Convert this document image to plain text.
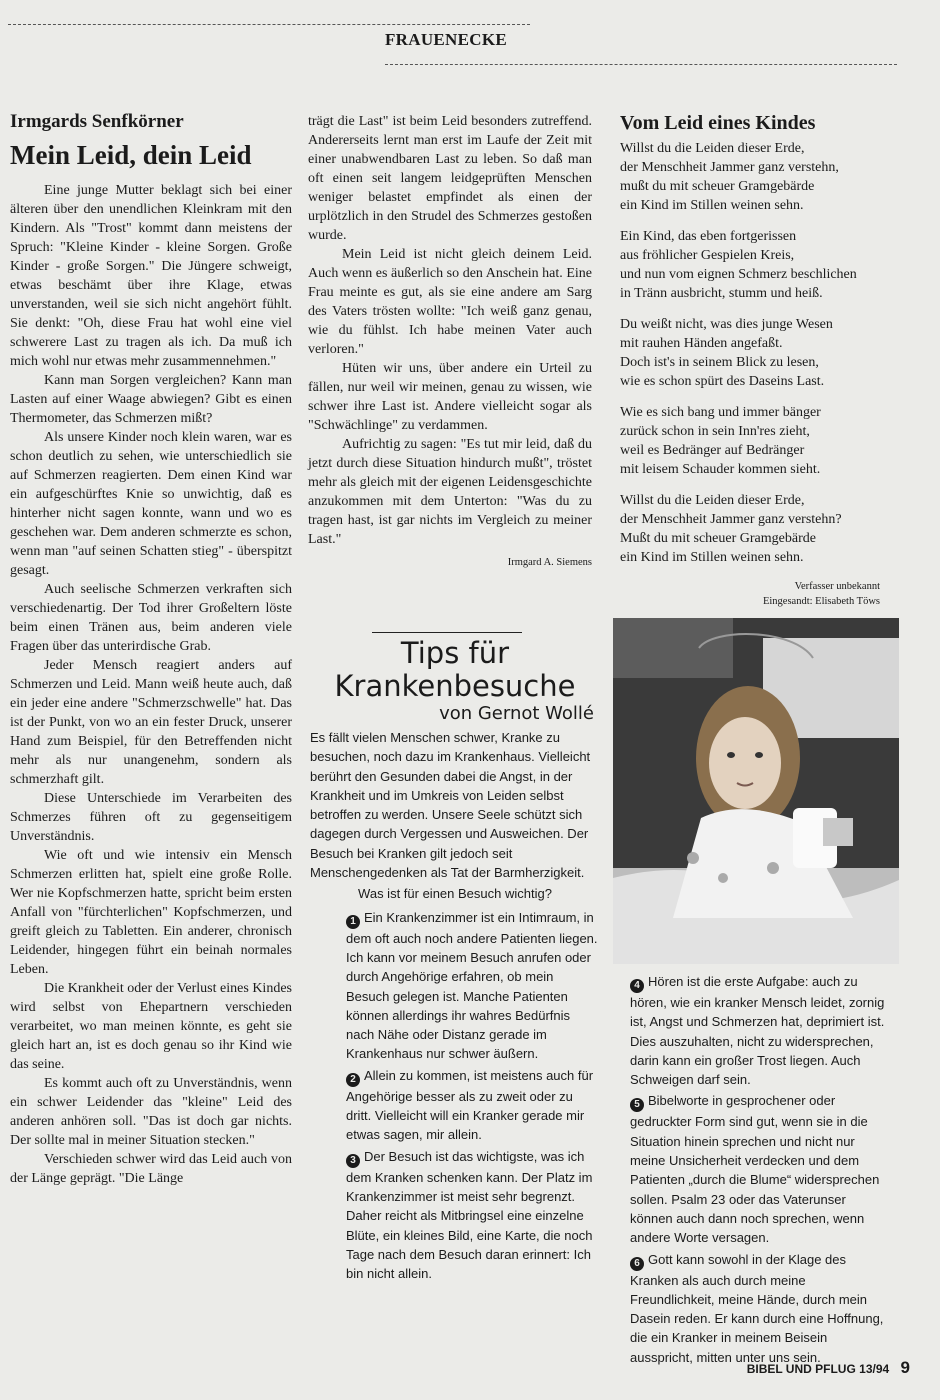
FRAUENECKE
Irmgards Senfkörner
Mein Leid, dein Leid

Eine junge Mutter beklagt sich bei einer älteren über den unendlichen Kleinkram mit den Kindern. Als "Trost" kommt dann meistens der Spruch: "Kleine Kinder - kleine Sorgen. Große Kinder - große Sorgen." Die Jüngere schweigt, etwas beschämt über ihre Klage, etwas unverstanden, weil sie sich nicht angehört fühlt. Sie denkt: "Oh, diese Frau hat wohl eine viel schwerere Last zu tragen als ich. Da muß ich mich wohl nur etwas mehr zusammennehmen."

Kann man Sorgen vergleichen? Kann man Lasten auf einer Waage abwiegen? Gibt es einen Thermometer, das Schmerzen mißt?

Als unsere Kinder noch klein waren, war es schon deutlich zu sehen, wie unterschiedlich sie auf Schmerzen reagierten. Dem einen Kind war ein aufgeschürftes Knie so unwichtig, daß es hinterher nicht sagen konnte, wann und wo es geschehen war. Dem anderen schmerzte es schon, wenn man "auf seinen Schatten stieg" - überspitzt gesagt.

Auch seelische Schmerzen verkraften sich verschiedenartig. Der Tod ihrer Großeltern löste beim einen Tränen aus, beim anderen viele Fragen über das unterirdische Grab.

Jeder Mensch reagiert anders auf Schmerzen und Leid. Mann weiß heute auch, daß ein jeder eine andere "Schmerzschwelle" hat. Das ist der Punkt, von wo an ein fester Druck, unserer Hand zum Beispiel, für den Betreffenden nicht mehr als nur unangenehm, sondern als schmerzhaft gilt.

Diese Unterschiede im Verarbeiten des Schmerzes führen oft zu gegenseitigem Unverständnis.

Wie oft und wie intensiv ein Mensch Schmerzen erlitten hat, spielt eine große Rolle. Wer nie Kopfschmerzen hatte, spricht beim ersten Anfall von "fürchterlichen" Kopfschmerzen, und greift gleich zu Tabletten. Ein anderer, chronisch Leidender, hingegen führt ein beinah normales Leben.

Die Krankheit oder der Verlust eines Kindes wird selbst von Ehepartnern verschieden verarbeitet, wo man meinen könnte, es geht sie gleich hart an, ist es doch genau so ihr Kind wie das seine.

Es kommt auch oft zu Unverständnis, wenn ein schwer Leidender das "kleine" Leid des anderen anhören soll. "Das ist doch gar nichts. Der sollte mal in meiner Situation stecken."

Verschieden schwer wird das Leid auch von der Länge geprägt. "Die Länge

trägt die Last" ist beim Leid besonders zutreffend. Andererseits lernt man erst im Laufe der Zeit mit einer unabwendbaren Last zu leben. So daß man oft einen seit langem leidgeprüften Menschen weniger belastet empfindet als einen der urplötzlich in den Strudel des Schmerzes gestoßen wurde.

Mein Leid ist nicht gleich deinem Leid. Auch wenn es äußerlich so den Anschein hat. Eine Frau meinte es gut, als sie eine andere am Sarg des Vaters trösten wollte: "Ich weiß ganz genau, wie du fühlst. Ich habe meinen Vater auch verloren."

Hüten wir uns, über andere ein Urteil zu fällen, nur weil wir meinen, genau zu wissen, wie schwer ihre Last ist. Andere vielleicht sogar als "Schwächlinge" zu verdammen.

Aufrichtig zu sagen: "Es tut mir leid, daß du jetzt durch diese Situation hindurch mußt", tröstet mehr als gleich mit der eigenen Leidensgeschichte anzukommen mit dem Unterton: "Was du zu tragen hast, ist gar nichts im Vergleich zu meiner Last."

Irmgard A. Siemens
Tips für Krankenbesuche
von Gernot Wollé

Es fällt vielen Menschen schwer, Kranke zu besuchen, noch dazu im Krankenhaus. Vielleicht berührt den Gesunden dabei die Angst, in der Krankheit und im Umkreis von Leiden selbst betroffen zu werden. Unsere Seele schützt sich dagegen durch Vergessen und Ausweichen. Der Besuch bei Kranken gilt jedoch seit Menschengedenken als Tat der Barmherzigkeit.

Was ist für einen Besuch wichtig?

1 Ein Krankenzimmer ist ein Intimraum, in dem oft auch noch andere Patienten liegen. Ich kann vor meinem Besuch anrufen oder durch Angehörige erfahren, ob mein Besuch gelegen ist. Manche Patienten können allerdings ihr wahres Bedürfnis nach Nähe oder Distanz gerade im Krankenhaus nur schwer äußern.

2 Allein zu kommen, ist meistens auch für Angehörige besser als zu zweit oder zu dritt. Vielleicht will ein Kranker gerade mir etwas sagen, mir allein.

3 Der Besuch ist das wichtigste, was ich dem Kranken schenken kann. Der Platz im Krankenzimmer ist meist sehr begrenzt. Daher reicht als Mitbringsel eine einzelne Blüte, ein kleines Bild, eine Karte, die noch Tage nach dem Besuch daran erinnert: Ich bin nicht allein.

Vom Leid eines Kindes
Willst du die Leiden dieser Erde,
der Menschheit Jammer ganz verstehn,
mußt du mit scheuer Gramgebärde
ein Kind im Stillen weinen sehn.
Ein Kind, das eben fortgerissen
aus fröhlicher Gespielen Kreis,
und nun vom eignen Schmerz beschlichen
in Tränn ausbricht, stumm und heiß.
Du weißt nicht, was dies junge Wesen
mit rauhen Händen angefaßt.
Doch ist's in seinem Blick zu lesen,
wie es schon spürt des Daseins Last.
Wie es sich bang und immer bänger
zurück schon in sein Inn'res zieht,
weil es Bedränger auf Bedränger
mit leisem Schauder kommen sieht.
Willst du die Leiden dieser Erde,
der Menschheit Jammer ganz verstehn?
Mußt du mit scheuer Gramgebärde
ein Kind im Stillen weinen sehn.
Verfasser unbekannt
Eingesandt: Elisabeth Töws

4 Hören ist die erste Aufgabe: auch zu hören, wie ein kranker Mensch leidet, zornig ist, Angst und Schmerzen hat, deprimiert ist. Dies auszuhalten, nicht zu widersprechen, darin kann ein großer Trost liegen. Auch Schweigen darf sein.

5 Bibelworte in gesprochener oder gedruckter Form sind gut, wenn sie in die Situation hinein sprechen und nicht nur meine Unsicherheit verdecken und dem Patienten „durch die Blume“ widersprechen sollen. Psalm 23 oder das Vaterunser können auch dann noch sprechen, wenn andere Worte versagen.

6 Gott kann sowohl in der Klage des Kranken als auch durch meine Freundlichkeit, meine Hände, durch mein Dasein reden. Er kann durch eine Hoffnung, die ein Kranker in meinem Beisein ausspricht, mitten unter uns sein.

BIBEL UND PFLUG 13/94 9
